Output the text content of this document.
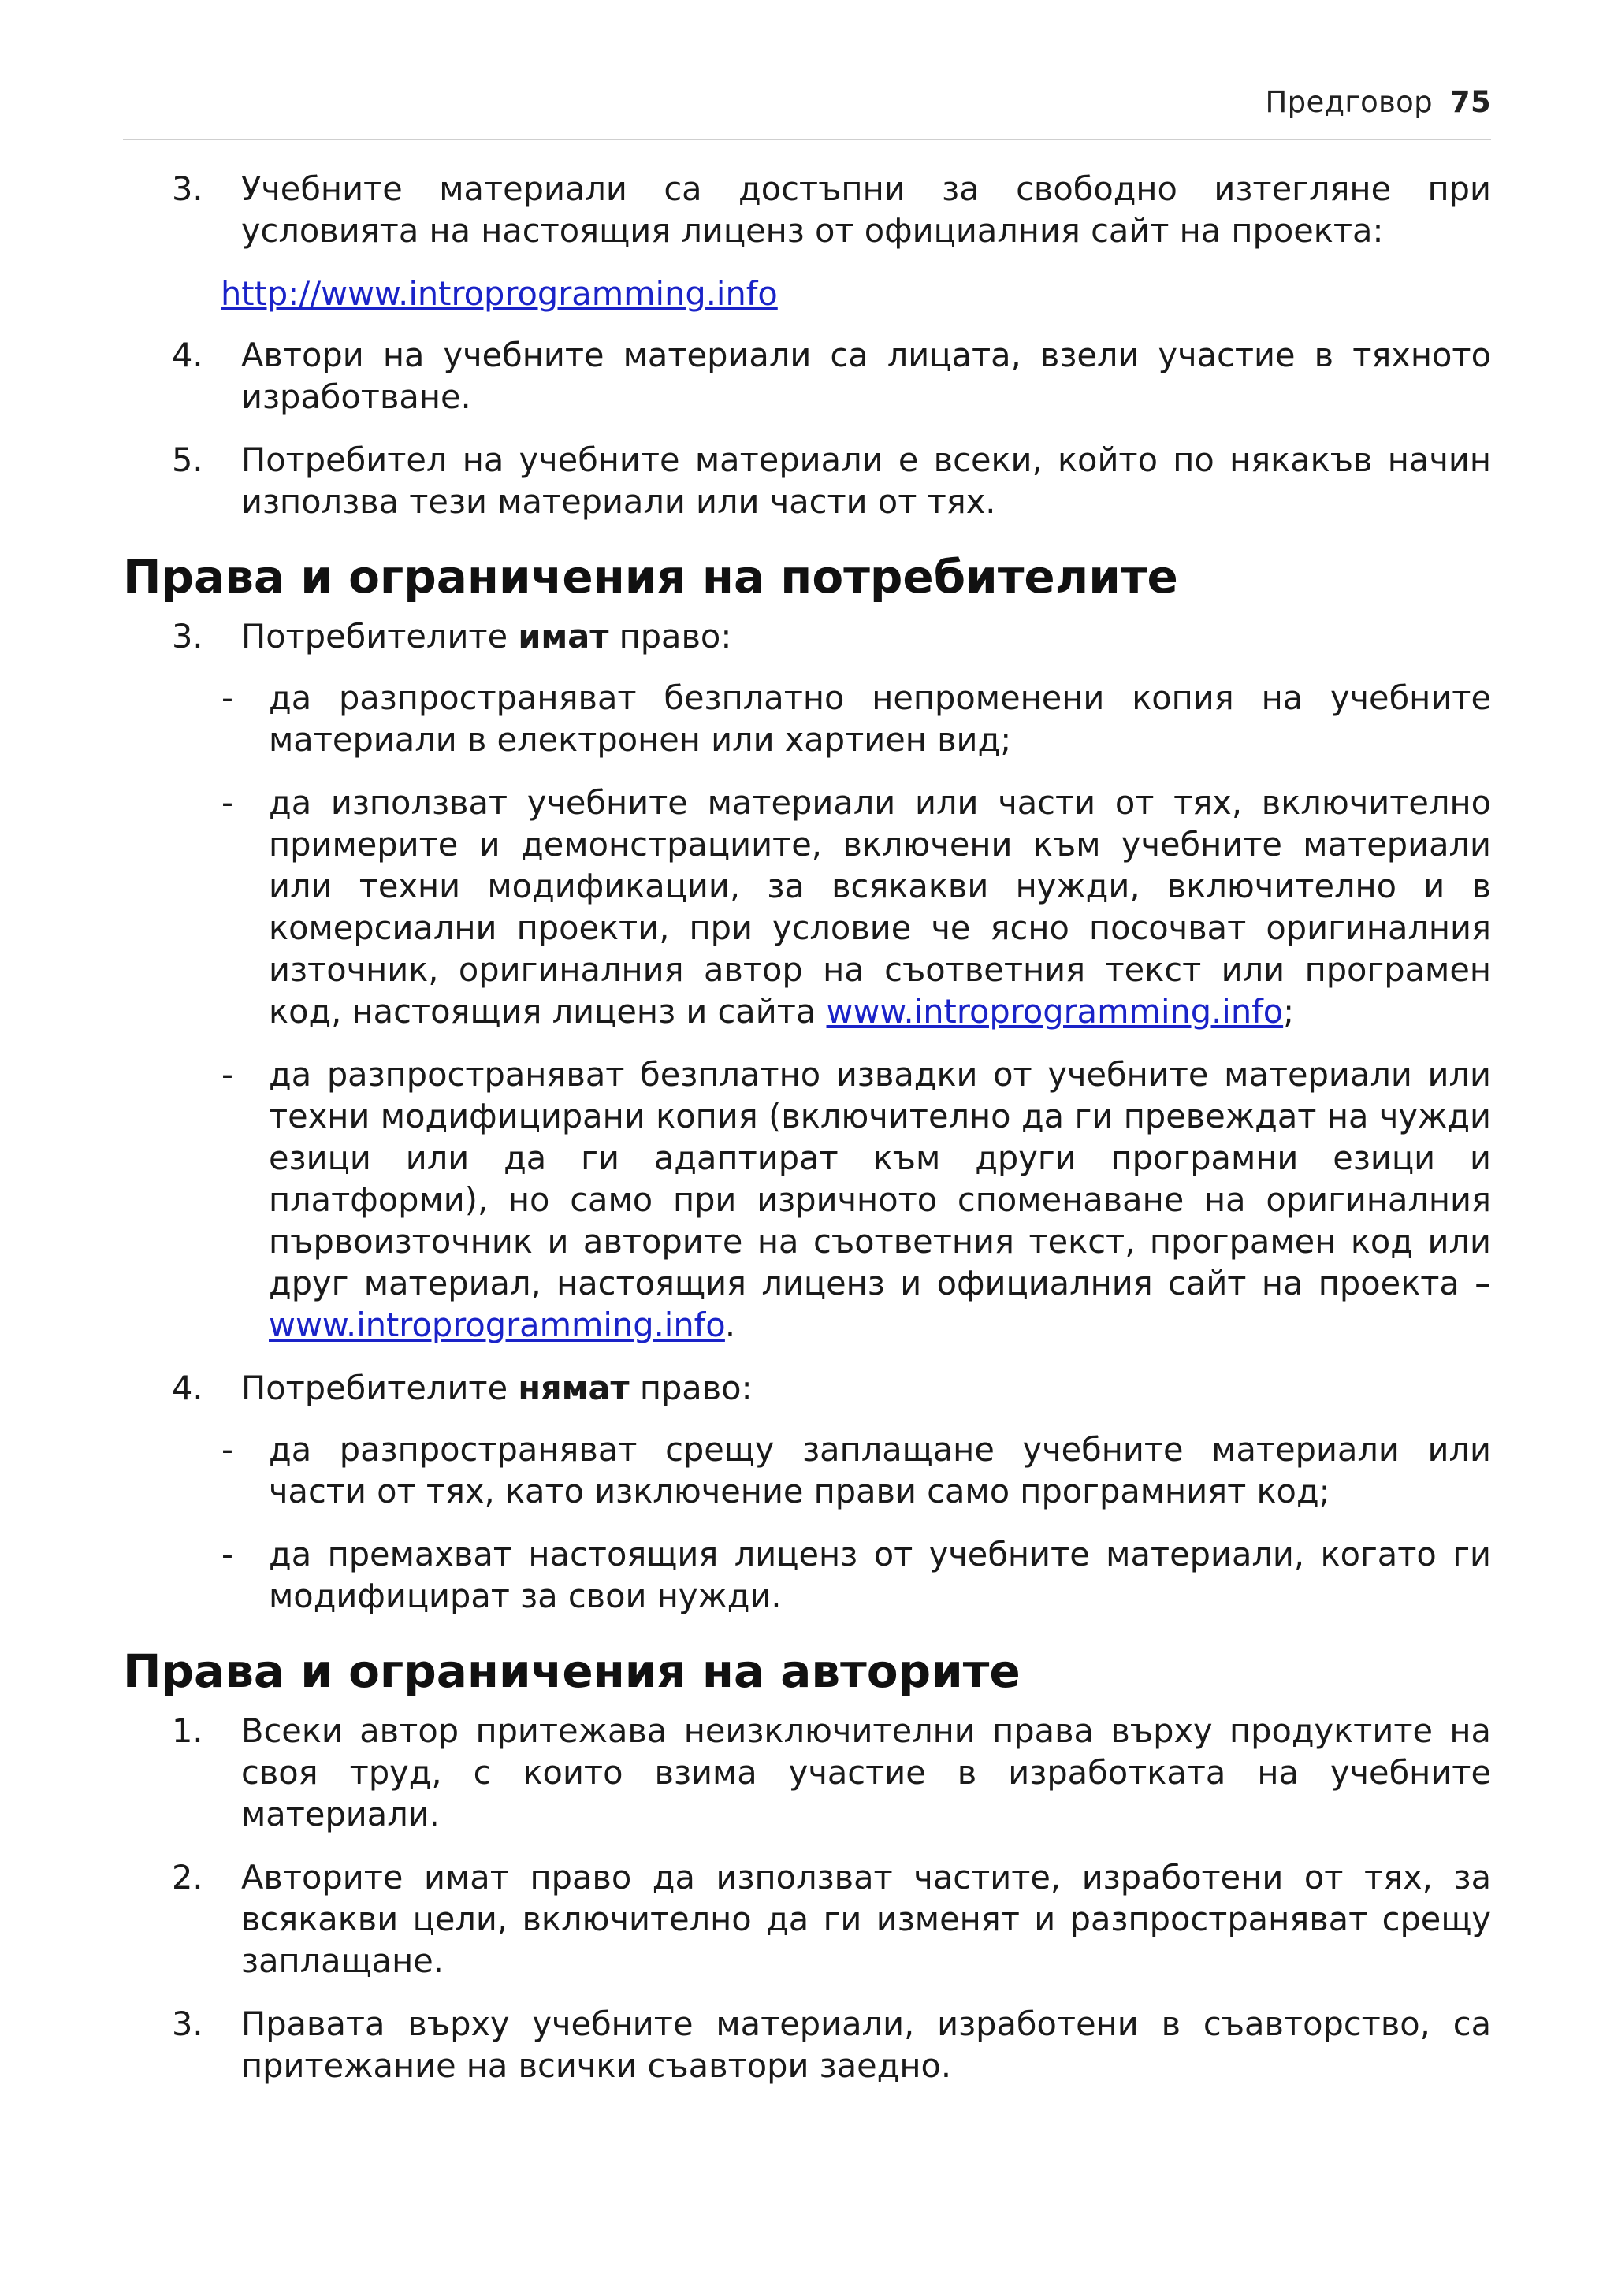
Предговор 75
3. Учебните материали са достъпни за свободно изтегляне при условията на настоящия лиценз от официалния сайт на проекта:
http://www.introprogramming.info
4. Автори на учебните материали са лицата, взели участие в тяхното изработване.
5. Потребител на учебните материали е всеки, който по някакъв начин използва тези материали или части от тях.
Права и ограничения на потребителите
3. Потребителите имат право:
- да разпространяват безплатно непроменени копия на учебните материали в електронен или хартиен вид;
- да използват учебните материали или части от тях, включително примерите и демонстрациите, включени към учебните материали или техни модификации, за всякакви нужди, включително и в комерсиални проекти, при условие че ясно посочват оригиналния източник, оригиналния автор на съответния текст или програмен код, настоящия лиценз и сайта www.introprogramming.info;
- да разпространяват безплатно извадки от учебните материали или техни модифицирани копия (включително да ги превеждат на чужди езици или да ги адаптират към други програмни езици и платформи), но само при изричното споменаване на оригиналния първоизточник и авторите на съответния текст, програмен код или друг материал, настоящия лиценз и официалния сайт на проекта – www.introprogramming.info.
4. Потребителите нямат право:
- да разпространяват срещу заплащане учебните материали или части от тях, като изключение прави само програмният код;
- да премахват настоящия лиценз от учебните материали, когато ги модифицират за свои нужди.
Права и ограничения на авторите
1. Всеки автор притежава неизключителни права върху продуктите на своя труд, с които взима участие в изработката на учебните материали.
2. Авторите имат право да използват частите, изработени от тях, за всякакви цели, включително да ги изменят и разпространяват срещу заплащане.
3. Правата върху учебните материали, изработени в съавторство, са притежание на всички съавтори заедно.
